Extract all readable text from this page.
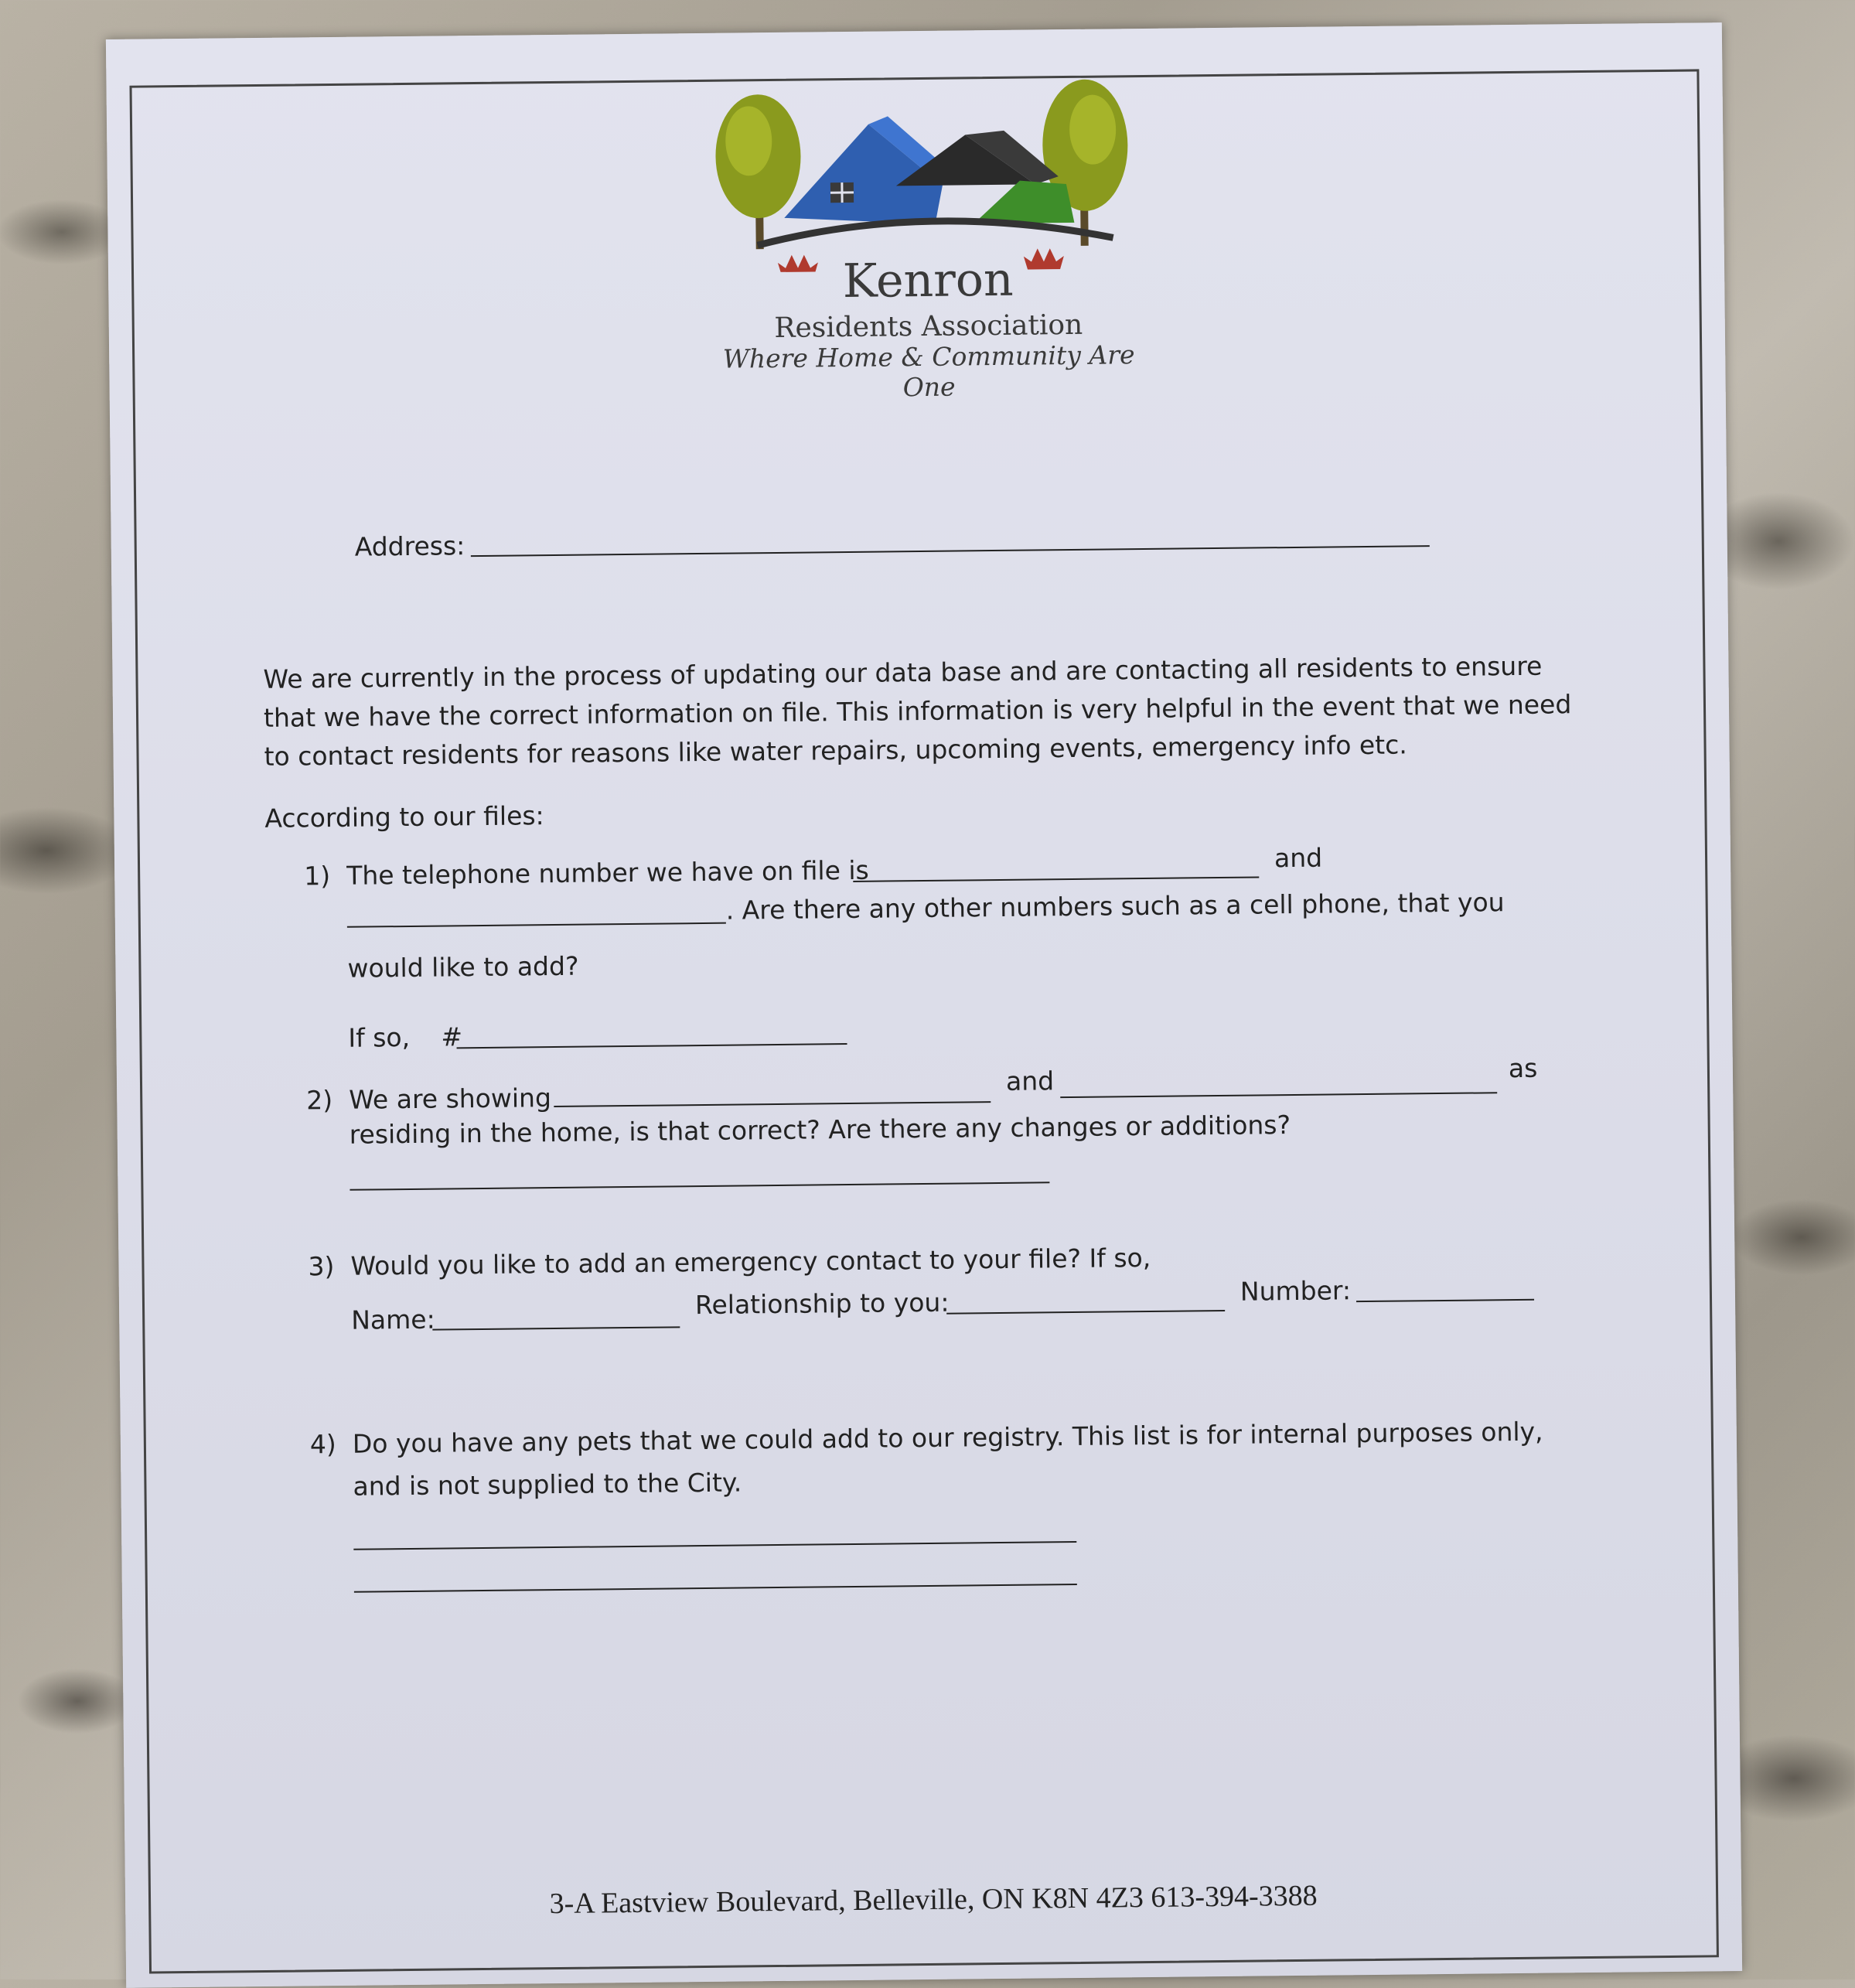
Kenron
Residents Association
Where Home & Community Are One
Address:
We are currently in the process of updating our data base and are contacting all residents to ensure
that we have the correct information on file. This information is very helpful in the event that we need
to contact residents for reasons like water repairs, upcoming events, emergency info etc.
According to our files:
1) The telephone number we have on file is	and
. Are there any other numbers such as a cell phone, that you
would like to add?
If so, #
2) We are showing
and	as
residing in the home, is that correct? Are there any changes or additions?
3) Would you like to add an emergency contact to your file? If so,
Name:	Relationship to you:	Number:
4) Do you have any pets that we could add to our registry. This list is for internal purposes only,
and is not supplied to the City.
3-A Eastview Boulevard, Belleville, ON K8N 4Z3 613-394-3388
